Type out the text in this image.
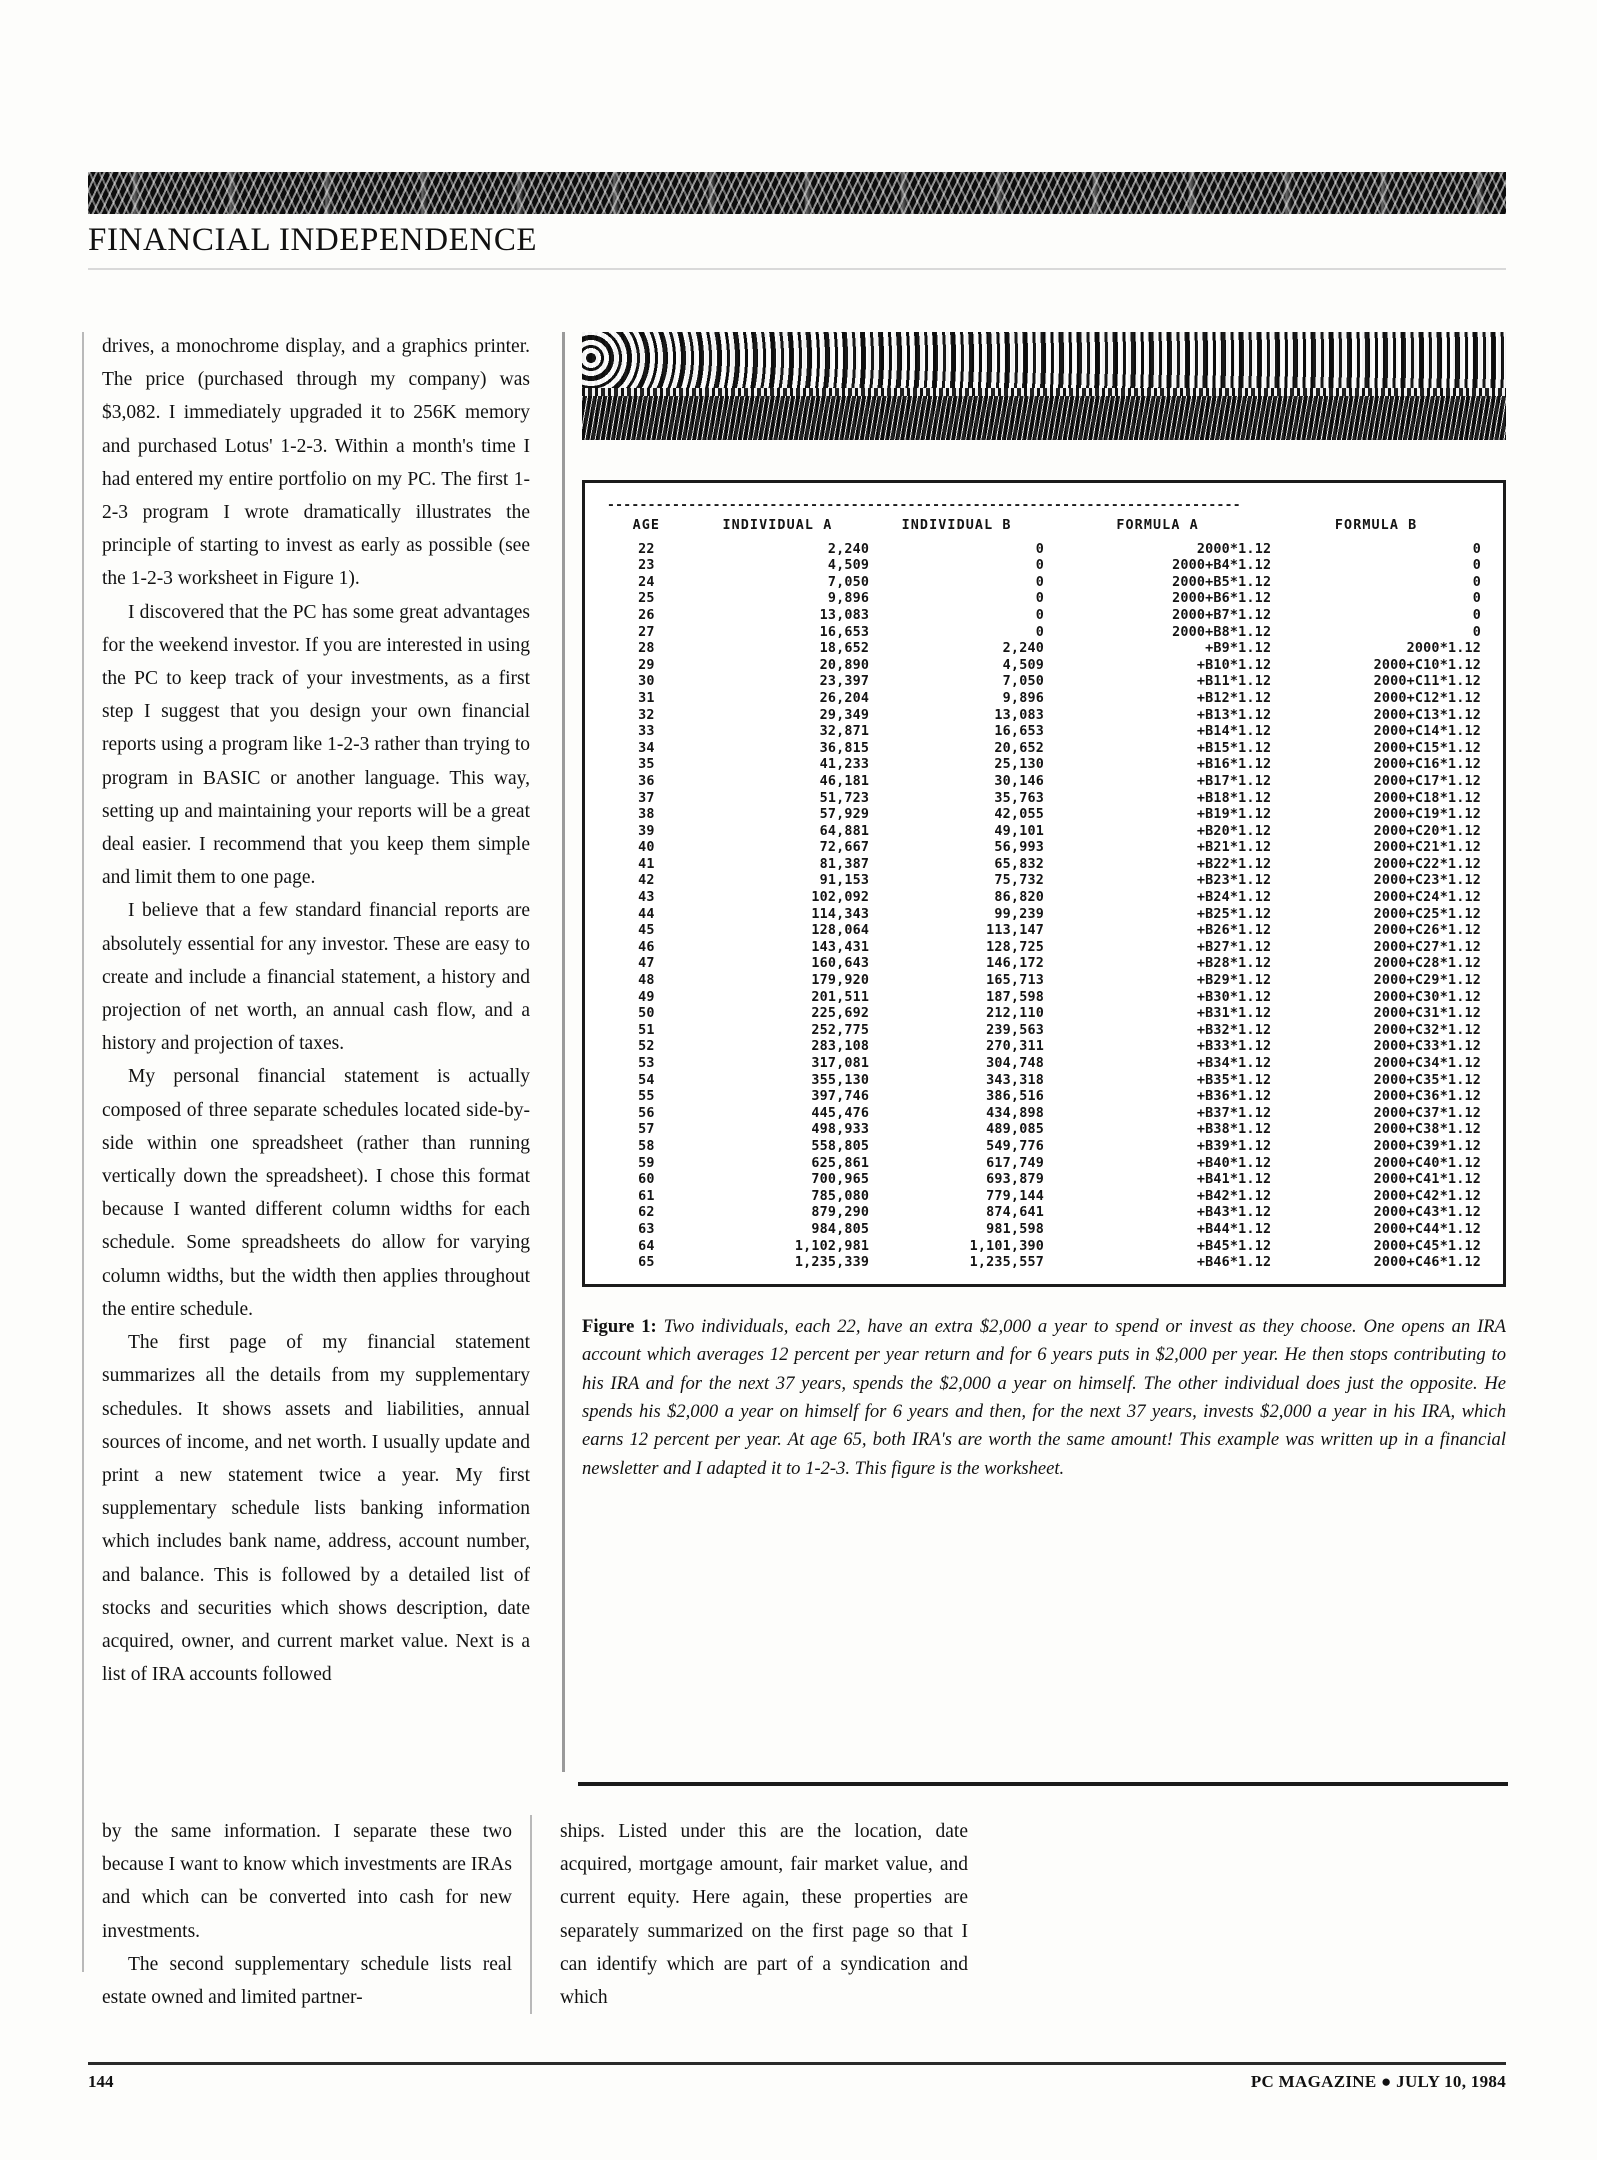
FINANCIAL INDEPENDENCE

drives, a monochrome display, and a graphics printer. The price (purchased through my company) was $3,082. I immediately upgraded it to 256K memory and purchased Lotus' 1-2-3. Within a month's time I had entered my entire portfolio on my PC. The first 1-2-3 program I wrote dramatically illustrates the principle of starting to invest as early as possible (see the 1-2-3 worksheet in Figure 1).

I discovered that the PC has some great advantages for the weekend investor. If you are interested in using the PC to keep track of your investments, as a first step I suggest that you design your own financial reports using a program like 1-2-3 rather than trying to program in BASIC or another language. This way, setting up and maintaining your reports will be a great deal easier. I recommend that you keep them simple and limit them to one page.

I believe that a few standard financial reports are absolutely essential for any investor. These are easy to create and include a financial statement, a history and projection of net worth, an annual cash flow, and a history and projection of taxes.

My personal financial statement is actually composed of three separate schedules located side-by-side within one spreadsheet (rather than running vertically down the spreadsheet). I chose this format because I wanted different column widths for each schedule. Some spreadsheets do allow for varying column widths, but the width then applies throughout the entire schedule.

The first page of my financial statement summarizes all the details from my supplementary schedules. It shows assets and liabilities, annual sources of income, and net worth. I usually update and print a new statement twice a year. My first supplementary schedule lists banking information which includes bank name, address, account number, and balance. This is followed by a detailed list of stocks and securities which shows description, date acquired, owner, and current market value. Next is a list of IRA accounts followed

------------------------------------------------------------------------------
AGE	INDIVIDUAL A	INDIVIDUAL B	FORMULA A	FORMULA B
22	2,240	0	2000*1.12	0
23	4,509	0	2000+B4*1.12	0
24	7,050	0	2000+B5*1.12	0
25	9,896	0	2000+B6*1.12	0
26	13,083	0	2000+B7*1.12	0
27	16,653	0	2000+B8*1.12	0
28	18,652	2,240	+B9*1.12	2000*1.12
29	20,890	4,509	+B10*1.12	2000+C10*1.12
30	23,397	7,050	+B11*1.12	2000+C11*1.12
31	26,204	9,896	+B12*1.12	2000+C12*1.12
32	29,349	13,083	+B13*1.12	2000+C13*1.12
33	32,871	16,653	+B14*1.12	2000+C14*1.12
34	36,815	20,652	+B15*1.12	2000+C15*1.12
35	41,233	25,130	+B16*1.12	2000+C16*1.12
36	46,181	30,146	+B17*1.12	2000+C17*1.12
37	51,723	35,763	+B18*1.12	2000+C18*1.12
38	57,929	42,055	+B19*1.12	2000+C19*1.12
39	64,881	49,101	+B20*1.12	2000+C20*1.12
40	72,667	56,993	+B21*1.12	2000+C21*1.12
41	81,387	65,832	+B22*1.12	2000+C22*1.12
42	91,153	75,732	+B23*1.12	2000+C23*1.12
43	102,092	86,820	+B24*1.12	2000+C24*1.12
44	114,343	99,239	+B25*1.12	2000+C25*1.12
45	128,064	113,147	+B26*1.12	2000+C26*1.12
46	143,431	128,725	+B27*1.12	2000+C27*1.12
47	160,643	146,172	+B28*1.12	2000+C28*1.12
48	179,920	165,713	+B29*1.12	2000+C29*1.12
49	201,511	187,598	+B30*1.12	2000+C30*1.12
50	225,692	212,110	+B31*1.12	2000+C31*1.12
51	252,775	239,563	+B32*1.12	2000+C32*1.12
52	283,108	270,311	+B33*1.12	2000+C33*1.12
53	317,081	304,748	+B34*1.12	2000+C34*1.12
54	355,130	343,318	+B35*1.12	2000+C35*1.12
55	397,746	386,516	+B36*1.12	2000+C36*1.12
56	445,476	434,898	+B37*1.12	2000+C37*1.12
57	498,933	489,085	+B38*1.12	2000+C38*1.12
58	558,805	549,776	+B39*1.12	2000+C39*1.12
59	625,861	617,749	+B40*1.12	2000+C40*1.12
60	700,965	693,879	+B41*1.12	2000+C41*1.12
61	785,080	779,144	+B42*1.12	2000+C42*1.12
62	879,290	874,641	+B43*1.12	2000+C43*1.12
63	984,805	981,598	+B44*1.12	2000+C44*1.12
64	1,102,981	1,101,390	+B45*1.12	2000+C45*1.12
65	1,235,339	1,235,557	+B46*1.12	2000+C46*1.12
Figure 1: Two individuals, each 22, have an extra $2,000 a year to spend or invest as they choose. One opens an IRA account which averages 12 percent per year return and for 6 years puts in $2,000 per year. He then stops contributing to his IRA and for the next 37 years, spends the $2,000 a year on himself. The other individual does just the opposite. He spends his $2,000 a year on himself for 6 years and then, for the next 37 years, invests $2,000 a year in his IRA, which earns 12 percent per year. At age 65, both IRA's are worth the same amount! This example was written up in a financial newsletter and I adapted it to 1-2-3. This figure is the worksheet.

by the same information. I separate these two because I want to know which investments are IRAs and which can be converted into cash for new investments.

The second supplementary schedule lists real estate owned and limited partner-

ships. Listed under this are the location, date acquired, mortgage amount, fair market value, and current equity. Here again, these properties are separately summarized on the first page so that I can identify which are part of a syndication and which

144	PC MAGAZINE ● JULY 10, 1984
